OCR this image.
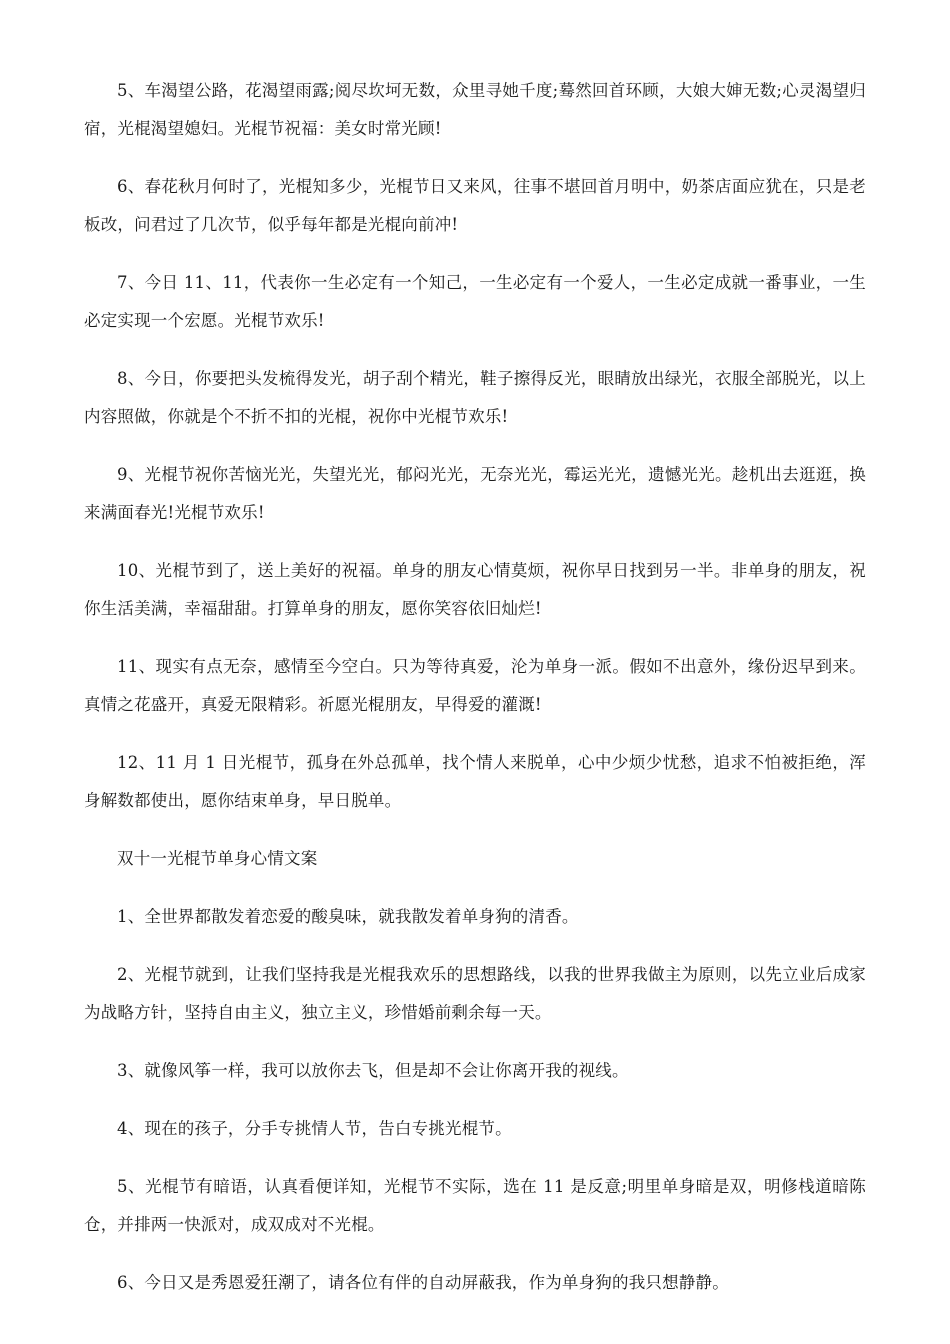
5、车渴望公路，花渴望雨露;阅尽坎坷无数，众里寻她千度;蓦然回首环顾，大娘大婶无数;心灵渴望归宿，光棍渴望媳妇。光棍节祝福：美女时常光顾!

6、春花秋月何时了，光棍知多少，光棍节日又来风，往事不堪回首月明中，奶茶店面应犹在，只是老板改，问君过了几次节，似乎每年都是光棍向前冲!

7、今日 11、11，代表你一生必定有一个知己，一生必定有一个爱人，一生必定成就一番事业，一生必定实现一个宏愿。光棍节欢乐!

8、今日，你要把头发梳得发光，胡子刮个精光，鞋子擦得反光，眼睛放出绿光，衣服全部脱光，以上内容照做，你就是个不折不扣的光棍，祝你中光棍节欢乐!

9、光棍节祝你苦恼光光，失望光光，郁闷光光，无奈光光，霉运光光，遗憾光光。趁机出去逛逛，换来满面春光!光棍节欢乐!

10、光棍节到了，送上美好的祝福。单身的朋友心情莫烦，祝你早日找到另一半。非单身的朋友，祝你生活美满，幸福甜甜。打算单身的朋友，愿你笑容依旧灿烂!

11、现实有点无奈，感情至今空白。只为等待真爱，沦为单身一派。假如不出意外，缘份迟早到来。真情之花盛开，真爱无限精彩。祈愿光棍朋友，早得爱的灌溉!

12、11 月 1 日光棍节，孤身在外总孤单，找个情人来脱单，心中少烦少忧愁，追求不怕被拒绝，浑身解数都使出，愿你结束单身，早日脱单。

双十一光棍节单身心情文案

1、全世界都散发着恋爱的酸臭味，就我散发着单身狗的清香。

2、光棍节就到，让我们坚持我是光棍我欢乐的思想路线，以我的世界我做主为原则，以先立业后成家为战略方针，坚持自由主义，独立主义，珍惜婚前剩余每一天。

3、就像风筝一样，我可以放你去飞，但是却不会让你离开我的视线。

4、现在的孩子，分手专挑情人节，告白专挑光棍节。

5、光棍节有暗语，认真看便详知，光棍节不实际，选在 11 是反意;明里单身暗是双，明修栈道暗陈仓，并排两一快派对，成双成对不光棍。

6、今日又是秀恩爱狂潮了，请各位有伴的自动屏蔽我，作为单身狗的我只想静静。
